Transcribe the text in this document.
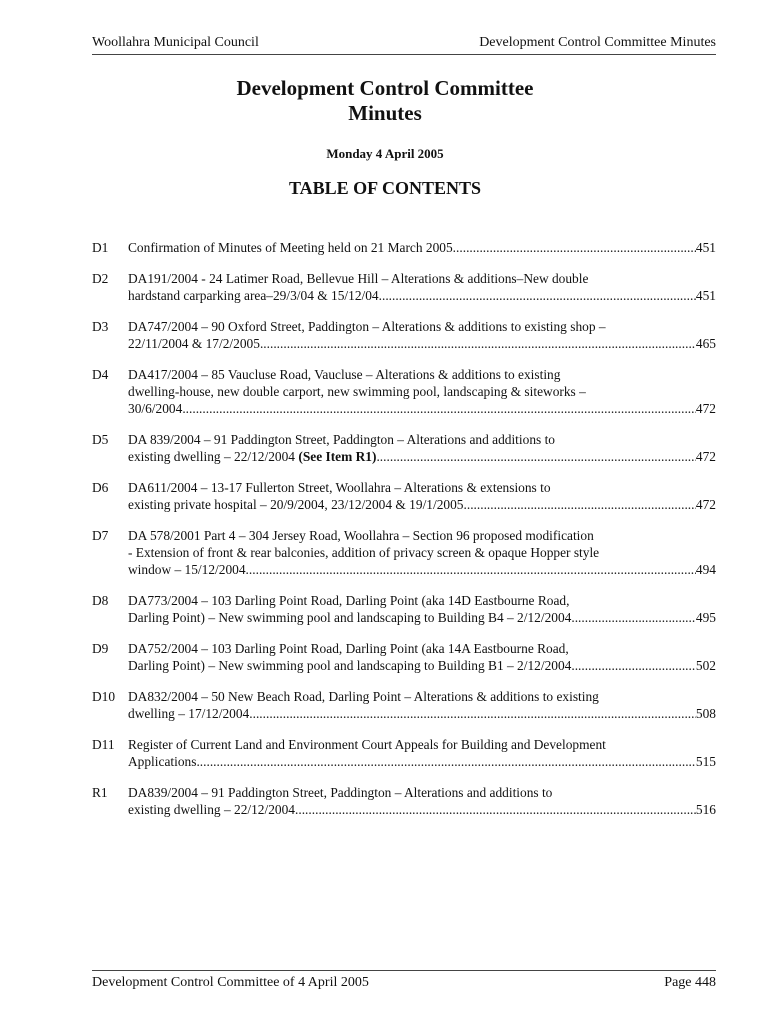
Woollahra Municipal Council	Development Control Committee Minutes
Development Control Committee
Minutes
Monday 4 April 2005
TABLE OF CONTENTS
D1	Confirmation of Minutes of Meeting held on 21 March 2005 .....	451
D2	DA191/2004 - 24 Latimer Road, Bellevue Hill – Alterations & additions–New double
hardstand carparking area–29/3/04 & 15/12/04 .....	451
D3	DA747/2004 – 90 Oxford Street, Paddington – Alterations & additions to existing shop –
22/11/2004 & 17/2/2005 .....	465
D4	DA417/2004 – 85 Vaucluse Road, Vaucluse – Alterations & additions to existing
dwelling-house, new double carport, new swimming pool, landscaping & siteworks –
30/6/2004 .....	472
D5	DA 839/2004 – 91 Paddington Street, Paddington – Alterations and additions to
existing dwelling – 22/12/2004 (See Item R1) .....	472
D6	DA611/2004 – 13-17 Fullerton Street, Woollahra – Alterations & extensions to
existing private hospital – 20/9/2004, 23/12/2004 & 19/1/2005 .....	472
D7	DA 578/2001 Part 4 – 304 Jersey Road, Woollahra – Section 96 proposed modification
- Extension of front & rear balconies, addition of privacy screen & opaque Hopper style
window – 15/12/2004 .....	494
D8	DA773/2004 – 103 Darling Point Road, Darling Point (aka 14D Eastbourne Road,
Darling Point) – New swimming pool and landscaping to Building B4 – 2/12/2004 .....	495
D9	DA752/2004 – 103 Darling Point Road, Darling Point (aka 14A Eastbourne Road,
Darling Point) – New swimming pool and landscaping to Building B1 – 2/12/2004 .....	502
D10 DA832/2004 – 50 New Beach Road, Darling Point – Alterations & additions to existing
dwelling – 17/12/2004 .....	508
D11	Register of Current Land and Environment Court Appeals for Building and Development
Applications .....	515
R1	DA839/2004 – 91 Paddington Street, Paddington – Alterations and additions to
existing dwelling – 22/12/2004 .....	516
Development Control Committee of 4 April 2005	Page 448
